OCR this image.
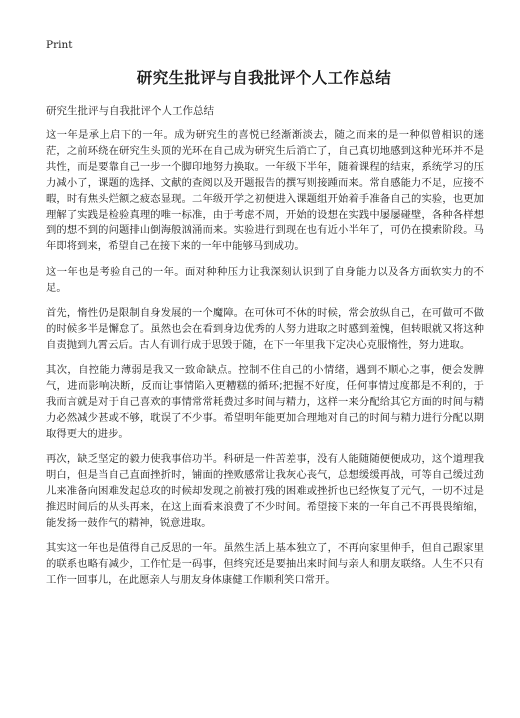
Print
研究生批评与自我批评个人工作总结
研究生批评与自我批评个人工作总结

这一年是承上启下的一年。成为研究生的喜悦已经渐渐淡去，随之而来的是一种似曾相识的迷茫，之前环绕在研究生头顶的光环在自己成为研究生后消亡了，自己真切地感到这种光环并不是共性，而是要靠自己一步一个脚印地努力换取。一年级下半年，随着课程的结束，系统学习的压力减小了，课题的选择、文献的查阅以及开题报告的撰写则接踵而来。常自感能力不足，应接不暇，时有焦头烂额之疲态显现。二年级开学之初便进入课题组开始着手准备自己的实验，也更加理解了实践是检验真理的唯一标准，由于考虑不周，开始的设想在实践中屡屡碰壁，各种各样想到的想不到的问题排山倒海般汹涌而来。实验进行到现在也有近小半年了，可仍在摸索阶段。马年即将到来，希望自己在接下来的一年中能够马到成功。

这一年也是考验自己的一年。面对种种压力让我深刻认识到了自身能力以及各方面软实力的不足。

首先，惰性仍是限制自身发展的一个魔障。在可休可不休的时候，常会放纵自己，在可做可不做的时候多半是懈怠了。虽然也会在看到身边优秀的人努力进取之时感到羞愧，但转眼就又将这种自责抛到九霄云后。古人有训行成于思毁于随，在下一年里我下定决心克服惰性，努力进取。

其次，自控能力薄弱是我又一致命缺点。控制不住自己的小情绪，遇到不顺心之事，便会发脾气，进而影响决断，反而让事情陷入更糟糕的循环;把握不好度，任何事情过度都是不利的，于我而言就是对于自己喜欢的事情常常耗费过多时间与精力，这样一来分配给其它方面的时间与精力必然减少甚或不够，耽误了不少事。希望明年能更加合理地对自己的时间与精力进行分配以期取得更大的进步。

再次，缺乏坚定的毅力使我事倍功半。科研是一件苦差事，没有人能随随便便成功，这个道理我明白，但是当自己直面挫折时，铺面的挫败感常让我灰心丧气，总想缓缓再战，可等自己缓过劲儿来准备向困难发起总攻的时候却发现之前被打残的困难或挫折也已经恢复了元气，一切不过是推迟时间后的从头再来，在这上面看来浪费了不少时间。希望接下来的一年自己不再畏畏缩缩，能发扬一鼓作气的精神，锐意进取。

其实这一年也是值得自己反思的一年。虽然生活上基本独立了，不再向家里伸手，但自己跟家里的联系也略有减少，工作忙是一码事，但终究还是要抽出来时间与亲人和朋友联络。人生不只有工作一回事儿，在此愿亲人与朋友身体康健工作顺利笑口常开。
